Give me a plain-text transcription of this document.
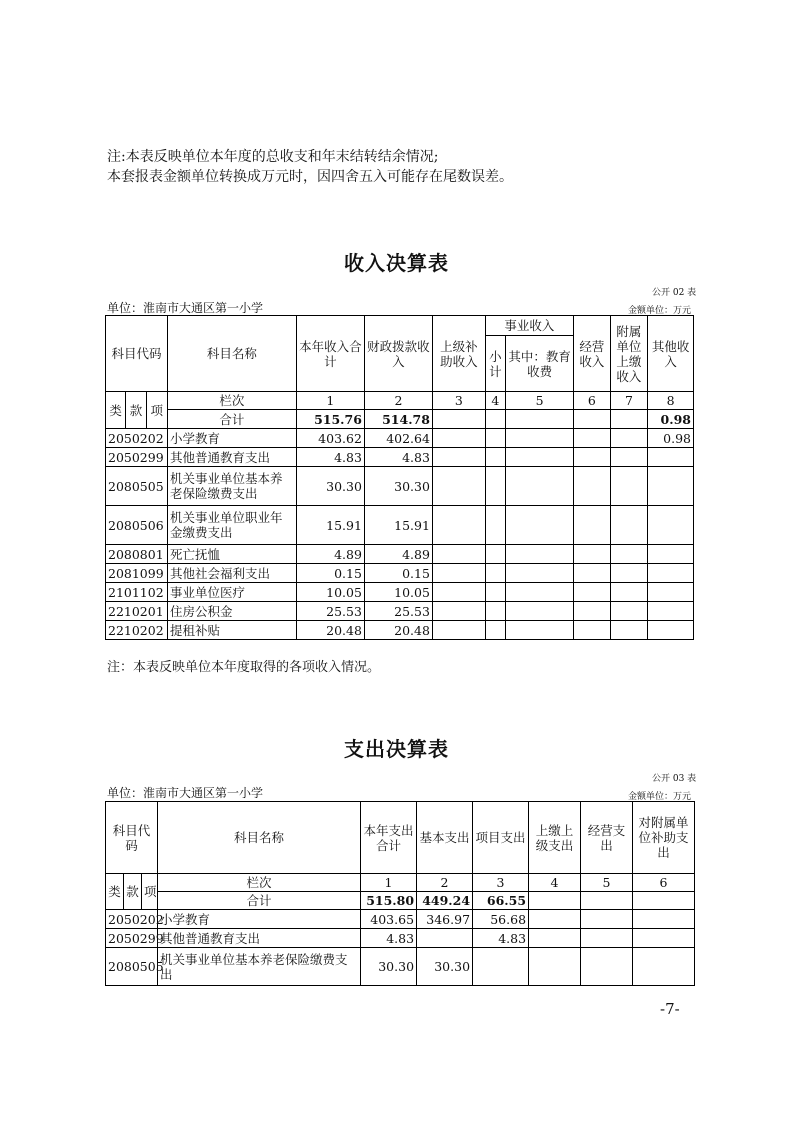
注:本表反映单位本年度的总收支和年末结转结余情况;
本套报表金额单位转换成万元时，因四舍五入可能存在尾数误差。
收入决算表
公开 02 表
单位：淮南市大通区第一小学	金额单位：万元
科目代码			科目名称	本年收入合计	财政拨款收入	上级补助收入	事业收入		经营收入	附属单位上缴收入	其他收入
							小计	其中：教育收费			
类	款	项	栏次	1	2	3	4	5	6	7	8
			合计	515.76	514.78						0.98
2050202			小学教育	403.62	402.64						0.98
2050299			其他普通教育支出	4.83	4.83						
2080505			机关事业单位基本养老保险缴费支出	30.30	30.30						
2080506			机关事业单位职业年金缴费支出	15.91	15.91						
2080801			死亡抚恤	4.89	4.89						
2081099			其他社会福利支出	0.15	0.15						
2101102			事业单位医疗	10.05	10.05						
2210201			住房公积金	25.53	25.53						
2210202			提租补贴	20.48	20.48						
注：本表反映单位本年度取得的各项收入情况。
支出决算表
公开 03 表
单位：淮南市大通区第一小学	金额单位：万元
科目代码			科目名称	本年支出合计	基本支出	项目支出	上缴上级支出	经营支出	对附属单位补助支出
类	款	项	栏次	1	2	3	4	5	6
			合计	515.80	449.24	66.55			
2050202			小学教育	403.65	346.97	56.68			
2050299			其他普通教育支出	4.83		4.83			
2080505			机关事业单位基本养老保险缴费支出	30.30	30.30				
-7-
